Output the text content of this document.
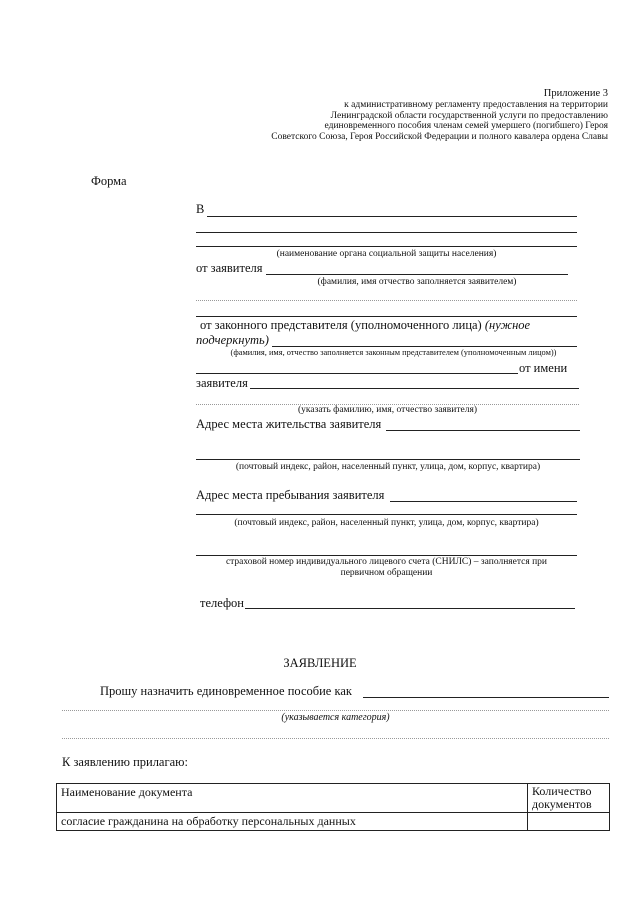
Приложение 3
к административному регламенту предоставления на территории
Ленинградской области государственной услуги по предоставлению
единовременного пособия членам семей умершего (погибшего) Героя
Советского Союза, Героя Российской Федерации и полного кавалера ордена Славы
Форма
В
(наименование органа социальной защиты населения)
от заявителя
(фамилия, имя отчество заполняется заявителем)
от законного представителя (уполномоченного лица) (нужное подчеркнуть)
(фамилия, имя, отчество заполняется законным представителем (уполномоченным лицом))
от имени
заявителя
(указать фамилию, имя, отчество заявителя)
Адрес места жительства заявителя
(почтовый индекс, район, населенный пункт, улица, дом, корпус, квартира)
Адрес места пребывания заявителя
(почтовый индекс, район, населенный пункт, улица, дом, корпус, квартира)
страховой номер индивидуального лицевого счета (СНИЛС) – заполняется при
первичном обращении
телефон
ЗАЯВЛЕНИЕ
Прошу назначить единовременное пособие как
(указывается категория)
К заявлению прилагаю:
Наименование документа	Количество документов
согласие гражданина на обработку персональных данных	
